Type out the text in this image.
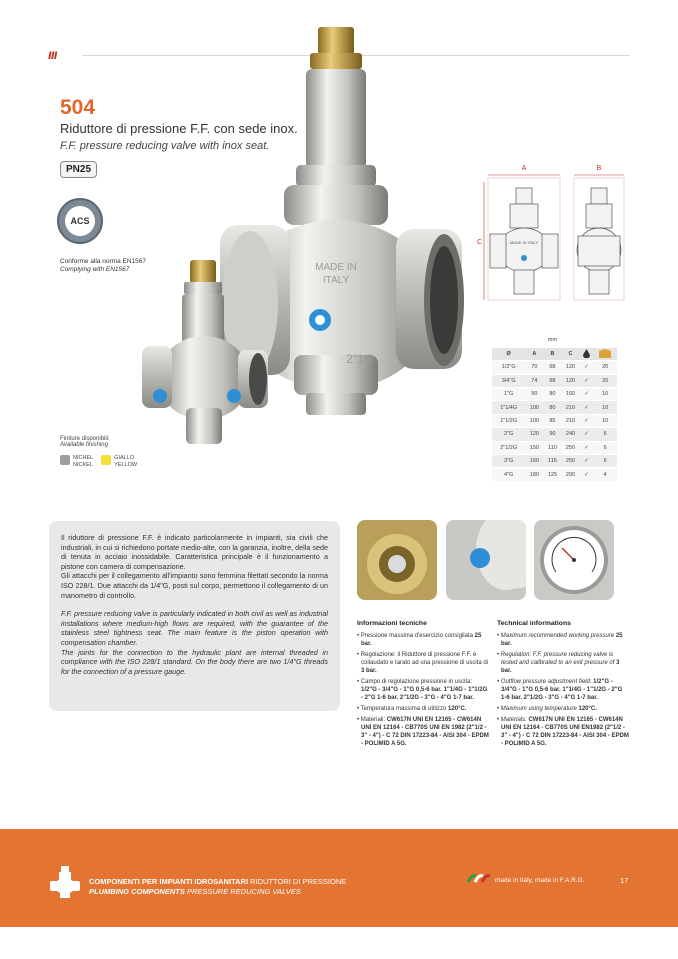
ııı
504
Riduttore di pressione F.F. con sede inox.
F.F. pressure reducing valve with inox seat.
PN25
ACS
Conforme alla norma EN1567
Complying with EN1567	MADE IN
ITALY
2"1/2
Finiture disponibili:
Available finishing
NICHEL
NICKEL
GIALLO
YELLOW
A	B
C	MADE IN ITALY
	mm				
Ø	A	B	C		
1/2"G	70	68	120	✓	20
3/4"G	74	68	120	✓	20
1"G	90	80	160	✓	10
1"1/4G	100	80	210	✓	10
1"1/2G	100	85	210	✓	10
2"G	120	90	240	✓	6
2"1/2G	150	110	250	✓	6
3"G	160	115	250	✓	6
4"G	180	125	290	✓	4

Il riduttore di pressione F.F. è indicato particolarmente in impianti, sia civili che industriali, in cui si richiedono portate medio-alte, con la garanzia, inoltre, della sede di tenuta in acciaio inossidabile. Caratteristica principale è il funzionamento a pistone con camera di compensazione.

Gli attacchi per il collegamento all'impianto sono femmina filettati secondo la norma ISO 228/1. Due attacchi da 1/4"G, posti sul corpo, permettono il collegamento di un manometro di controllo.

F.F. pressure reducing valve is particularly indicated in both civil as well as industrial installations where medium-high flows are required, with the guarantee of the stainless steel tightness seat. The main feature is the piston operation with compensation chamber.

The joints for the connection to the hydraulic plant are internal threaded in compliance with the ISO 228/1 standard. On the body there are two 1/4"G threads for the connection of a pressure gauge.

Informazioni tecniche
• Pressione massima d'esercizio consigliata 25 bar.
• Regolazione: il Riduttore di pressione F.F. è collaudato e tarato ad una pressione di uscita di 3 bar.
• Campo di regolazione pressione in uscita: 1/2"G - 3/4"G - 1"G 0,5-6 bar. 1"1/4G - 1"1/2G - 2"G 1-6 bar. 2"1/2G - 3"G - 4"G 1-7 bar.
• Temperatura massima di utilizzo 120°C.
• Materiali: CW617N UNI EN 12165 - CW614N UNI EN 12164 - CB770S UNI EN 1982 (2"1/2 - 3" - 4") - C 72 DIN 17223-84 - AISI 304 - EPDM - POLIMID A 5G.
Technical informations
• Maximum recommended working pressure 25 bar.
• Regulation: F.F. pressure reducing valve is tested and calibrated to an exit pressure of 3 bar.
• Outflow pressure adjustment field: 1/2"G - 3/4"G - 1"G 0,5-6 bar. 1"1/4G - 1"1/2G - 2"G 1-6 bar. 2"1/2G - 3"G - 4"G 1-7 bar.
• Maximum using temperature 120°C.
• Materials: CW617N UNI EN 12165 - CW614N UNI EN 12164 - CB770S UNI EN1982 (2"1/2 - 3" - 4") - C 72 DIN 17223-84 - AISI 304 - EPDM - POLIMID A 5G.
COMPONENTI PER IMPIANTI IDROSANITARI RIDUTTORI DI PRESSIONE
PLUMBING COMPONENTS PRESSURE REDUCING VALVES
made in Italy, made in F.A.R.G.	17
